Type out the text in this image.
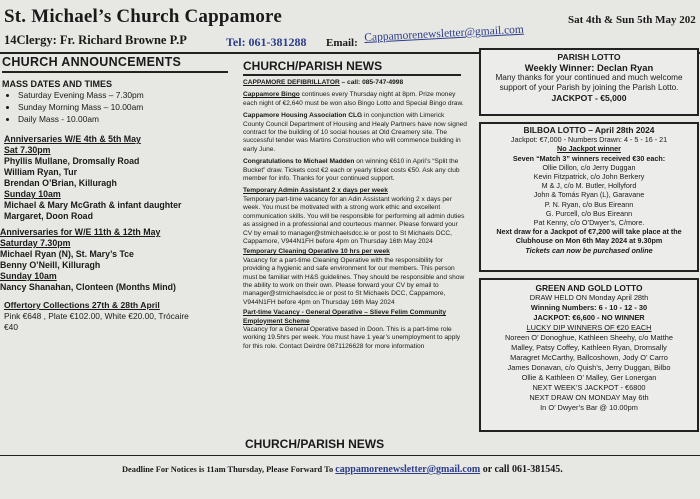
St. Michael’s Church Cappamore
14Clergy: Fr. Richard Browne P.P	Tel: 061-381288 Email: Cappamorenewsletter@gmail.com
Sat 4th & Sun 5th May 202
CHURCH ANNOUNCEMENTS
MASS DATES AND TIMES
• Saturday Evening Mass – 7.30pm
• Sunday Morning Mass – 10.00am
• Daily Mass - 10.00am
Anniversaries W/E 4th & 5th May
Sat 7.30pm
Phyllis Mullane, Dromsally Road
William Ryan, Tur
Brendan O’Brian, Killuragh
Sunday 10am
Michael & Mary McGrath & infant daughter
Margaret, Doon Road
Anniversaries for W/E 11th & 12th May
Saturday 7.30pm
Michael Ryan (N), St. Mary’s Tce
Benny O’Neill, Killuragh
Sunday 10am
Nancy Shanahan, Clonteen (Months Mind)
Offertory Collections 27th & 28th April
Pink €648 , Plate €102.00, White €20.00, Trócaire
€40
CHURCH/PARISH NEWS
CAPPAMORE DEFIBRILLATOR – call: 085-747-4998
Cappamore Bingo continues every Thursday night at 8pm. Prize money each night of €2,640 must be won also Bingo Lotto and Special Bingo draw.
Cappamore Housing Association CLG in conjunction with Limerick County Council Department of Housing and Healy Partners have now signed contract for the building of 10 social houses at Old Creamery site. The successful tender was Martins Construction who will commence building in early June.
Congratulations to Michael Madden on winning €610 in April’s “Split the Bucket” draw. Tickets cost €2 each or yearly ticket costs €50. Ask any club member for info. Thanks for your continued support.
Temporary Admin Assistant 2 x days per week
Temporary part-time vacancy for an Adin Assistant working 2 x days per week. You must be motivated with a strong work ethic and excellent communication skills. You will be responsible for performing all admin duties as assigned in a professional and courteous manner. Please forward your CV by email to manager@stmichaelsdcc.ie or post to St Michaels DCC, Cappamore, V944N1FH before 4pm on Thursday 16th May 2024
Temporary Cleaning Operative 10 hrs per week
Vacancy for a part-time Cleaning Operative with the responsibility for providing a hygienic and safe environment for our members. This person must be familiar with H&S guidelines. They should be responsible and show the ability to work on their own. Please forward your CV by email to manager@stmichaelsdcc.ie or post to St Michaels DCC, Cappamore, V944N1FH before 4pm on Thursday 16th May 2024
Part-time Vacancy - General Operative – Slieve Felim Community Employment Scheme
Vacancy for a General Operative based in Doon. This is a part-time role working 19.5hrs per week. You must have 1 year’s unemployment to apply for this role. Contact Deirdre 0871126628 for more information
CHURCH/PARISH NEWS
PARISH LOTTO
Weekly Winner: Declan Ryan
Many thanks for your continued and much welcome support of your Parish by joining the Parish Lotto.
JACKPOT - €5,000
BILBOA LOTTO – April 28th 2024
Jackpot: €7,000 - Numbers Drawn: 4 - 5 - 16 - 21
No Jackpot winner
Seven “Match 3” winners received €30 each:
Ollie Dillon, c/o Jerry Duggan
Kevin Fitzpatrick, c/o John Berkery
M & J, c/o M. Butler, Hollyford
John & Tomás Ryan (L), Garavane
P. N. Ryan, c/o Bus Eireann
G. Purcell, c/o Bus Eireann
Pat Kenny, c/o O’Dwyer’s, C/more.
Next draw for a Jackpot of €7,200 will take place at the Clubhouse on Mon 6th May 2024 at 9.30pm
Tickets can now be purchased online
GREEN AND GOLD LOTTO
DRAW HELD ON Monday April 28th
Winning Numbers: 6 - 10 - 12 - 30
JACKPOT: €6,600 - NO WINNER
LUCKY DIP WINNERS OF €20 EACH
Noreen O’ Donoghue, Kathleen Sheehy, c/o Matthe
Malley, Patsy Coffey, Kathleen Ryan, Dromsally
Maragret McCarthy, Ballcoshown, Jody O’ Carro
James Donavan, c/o Quish’s, Jerry Duggan, Bilbo
Ollie & Kathleen O’ Malley, Ger Lonergan
NEXT WEEK’S JACKPOT - €6800
NEXT DRAW ON MONDAY May 6th
In O’ Dwyer’s Bar @ 10.00pm
Deadline For Notices is 11am Thursday, Please Forward To cappamorenewsletter@gmail.com or call 061-381545.
